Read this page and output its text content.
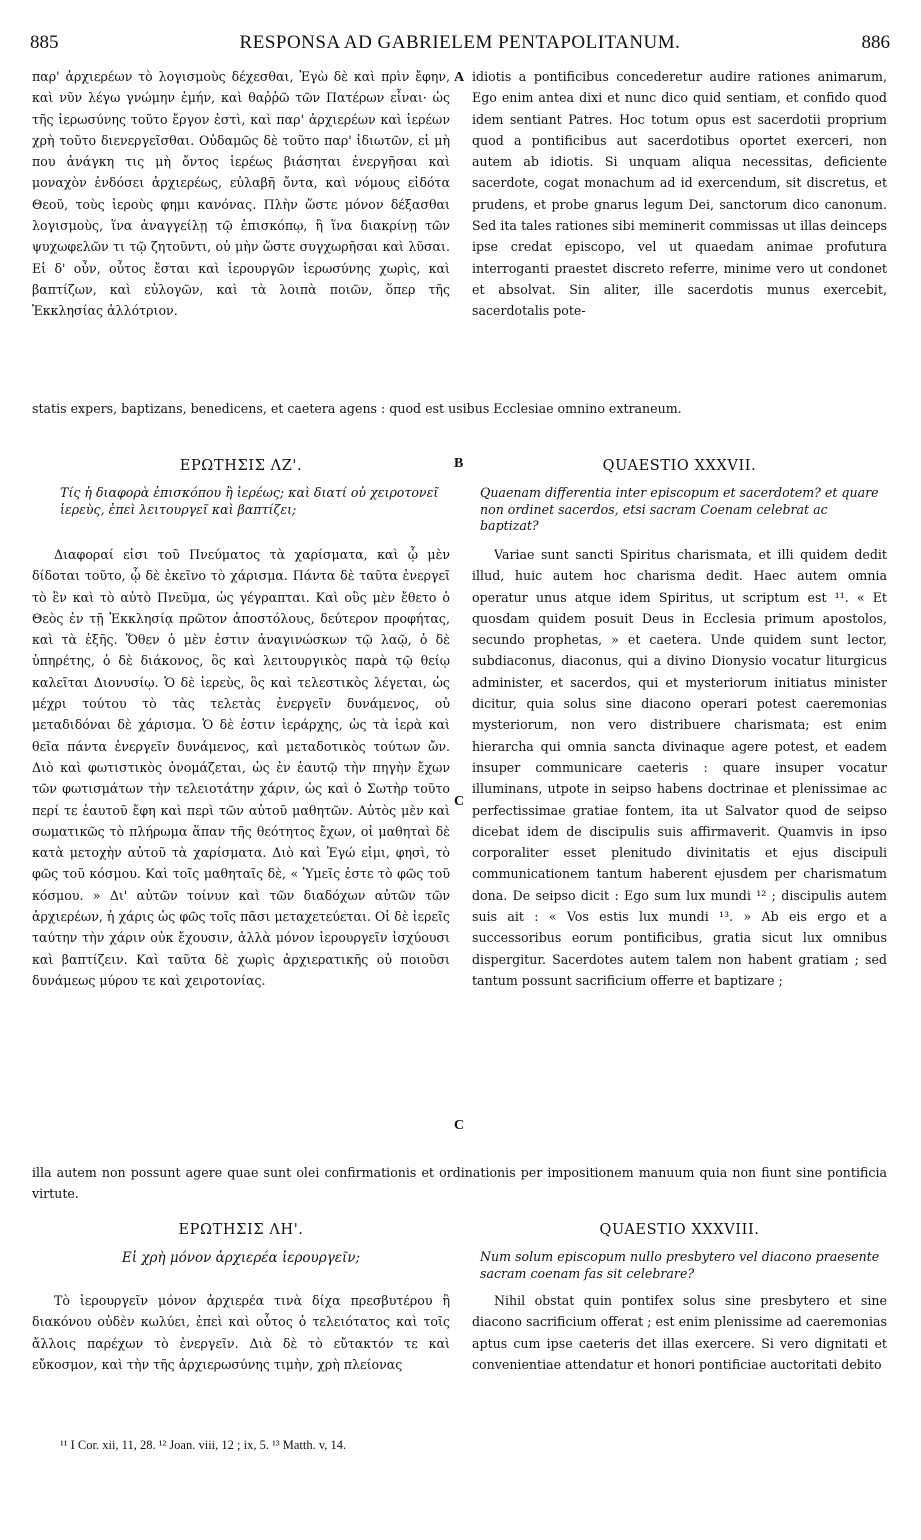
885	RESPONSA AD GABRIELEM PENTAPOLITANUM.	886

παρ' ἀρχιερέων τὸ λογισμοὺς δέχεσθαι, Ἐγὼ δὲ καὶ πρὶν ἔφην, καὶ νῦν λέγω γνώμην ἐμήν, καὶ θαῤῥῶ τῶν Πατέρων εἶναι· ὡς τῆς ἱερωσύνης τοῦτο ἔργον ἐστὶ, καὶ παρ' ἀρχιερέων καὶ ἱερέων χρὴ τοῦτο διενεργεῖσθαι. Οὐδαμῶς δὲ τοῦτο παρ' ἰδιωτῶν, εἰ μὴ που ἀνάγκη τις μὴ ὄντος ἱερέως βιάσηται ἐνεργῆσαι καὶ μοναχὸν ἐνδόσει ἀρχιερέως, εὐλαβῆ ὄντα, καὶ νόμους εἰδότα Θεοῦ, τοὺς ἱεροὺς φημι κανόνας. Πλὴν ὥστε μόνον δέξασθαι λογισμοὺς, ἵνα ἀναγγείλῃ τῷ ἐπισκόπῳ, ἢ ἵνα διακρίνῃ τῶν ψυχωφελῶν τι τῷ ζητοῦντι, οὐ μὴν ὥστε συγχωρῆσαι καὶ λῦσαι. Εἰ δ' οὖν, οὗτος ἔσται καὶ ἱερουργῶν ἱερωσύνης χωρὶς, καὶ βαπτίζων, καὶ εὐλογῶν, καὶ τὰ λοιπὰ ποιῶν, ὅπερ τῆς Ἐκκλησίας ἀλλότριον.

A idiotis a pontificibus concederetur audire rationes animarum, Ego enim antea dixi et nunc dico quid sentiam, et confido quod idem sentiant Patres. Hoc totum opus est sacerdotii proprium quod a pontificibus aut sacerdotibus oportet exerceri, non autem ab idiotis. Si unquam aliqua necessitas, deficiente sacerdote, cogat monachum ad id exercendum, sit discretus, et prudens, et probe gnarus legum Dei, sanctorum dico canonum. Sed ita tales rationes sibi meminerit commissas ut illas deinceps ipse credat episcopo, vel ut quaedam animae profutura interroganti praestet discreto referre, minime vero ut condonet et absolvat. Sin aliter, ille sacerdotis munus exercebit, sacerdotalis pote-

statis expers, baptizans, benedicens, et caetera agens : quod est usibus Ecclesiae omnino extraneum.

ΕΡΩΤΗΣΙΣ ΛΖ'.	B	QUAESTIO XXXVII.
Τίς ἡ διαφορὰ ἐπισκόπου ἢ ἱερέως; καὶ διατί οὐ χειροτονεῖ ἱερεὺς, ἐπεὶ λειτουργεῖ καὶ βαπτίζει;
Quaenam differentia inter episcopum et sacerdotem? et quare non ordinet sacerdos, etsi sacram Coenam celebrat ac baptizat?

Διαφοραί εἰσι τοῦ Πνεύματος τὰ χαρίσματα, καὶ ᾧ μὲν δίδοται τοῦτο, ᾧ δὲ ἐκεῖνο τὸ χάρισμα. Πάντα δὲ ταῦτα ἐνεργεῖ τὸ ἓν καὶ τὸ αὐτὸ Πνεῦμα, ὡς γέγραπται. Καὶ οὓς μὲν ἔθετο ὁ Θεὸς ἐν τῇ Ἐκκλησίᾳ πρῶτον ἀποστόλους, δεύτερον προφήτας, καὶ τὰ ἑξῆς. Ὅθεν ὁ μὲν ἐστιν ἀναγινώσκων τῷ λαῷ, ὁ δὲ ὑπηρέτης, ὁ δὲ διάκονος, ὃς καὶ λειτουργικὸς παρὰ τῷ θείῳ καλεῖται Διονυσίῳ. Ὁ δὲ ἱερεὺς, ὃς καὶ τελεστικὸς λέγεται, ὡς μέχρι τούτου τὸ τὰς τελετὰς ἐνεργεῖν δυνάμενος, οὐ μεταδιδόναι δὲ χάρισμα. Ὁ δὲ ἐστιν ἱεράρχης, ὡς τὰ ἱερὰ καὶ θεῖα πάντα ἐνεργεῖν δυνάμενος, καὶ μεταδοτικὸς τούτων ὤν. Διὸ καὶ φωτιστικὸς ὀνομάζεται, ὡς ἐν ἑαυτῷ τὴν πηγὴν ἔχων τῶν φωτισμάτων τὴν τελειοτάτην χάριν, ὡς καὶ ὁ Σωτὴρ τοῦτο περί τε ἑαυτοῦ ἔφη καὶ περὶ τῶν αὐτοῦ μαθητῶν. Αὐτὸς μὲν καὶ σωματικῶς τὸ πλήρωμα ἅπαν τῆς θεότητος ἔχων, οἱ μαθηταὶ δὲ κατὰ μετοχὴν αὐτοῦ τὰ χαρίσματα. Διὸ καὶ Ἐγώ εἰμι, φησὶ, τὸ φῶς τοῦ κόσμου. Καὶ τοῖς μαθηταῖς δὲ, « Ὑμεῖς ἐστε τὸ φῶς τοῦ κόσμου. » Δι' αὐτῶν τοίνυν καὶ τῶν διαδόχων αὐτῶν τῶν ἀρχιερέων, ἡ χάρις ὡς φῶς τοῖς πᾶσι μεταχετεύεται. Οἱ δὲ ἱερεῖς ταύτην τὴν χάριν οὐκ ἔχουσιν, ἀλλὰ μόνον ἱερουργεῖν ἰσχύουσι καὶ βαπτίζειν. Καὶ ταῦτα δὲ χωρὶς ἀρχιερατικῆς οὐ ποιοῦσι δυνάμεως μύρου τε καὶ χειροτονίας.

C

Variae sunt sancti Spiritus charismata, et illi quidem dedit illud, huic autem hoc charisma dedit. Haec autem omnia operatur unus atque idem Spiritus, ut scriptum est ¹¹. « Et quosdam quidem posuit Deus in Ecclesia primum apostolos, secundo prophetas, » et caetera. Unde quidem sunt lector, subdiaconus, diaconus, qui a divino Dionysio vocatur liturgicus administer, et sacerdos, qui et mysteriorum initiatus minister dicitur, quia solus sine diacono operari potest caeremonias mysteriorum, non vero distribuere charismata; est enim hierarcha qui omnia sancta divinaque agere potest, et eadem insuper communicare caeteris : quare insuper vocatur illuminans, utpote in seipso habens doctrinae et plenissimae ac perfectissimae gratiae fontem, ita ut Salvator quod de seipso dicebat idem de discipulis suis affirmaverit. Quamvis in ipso corporaliter esset plenitudo divinitatis et ejus discipuli communicationem tantum haberent ejusdem per charismatum dona. De seipso dicit : Ego sum lux mundi ¹² ; discipulis autem suis ait : « Vos estis lux mundi ¹³. » Ab eis ergo et a successoribus eorum pontificibus, gratia sicut lux omnibus dispergitur. Sacerdotes autem talem non habent gratiam ; sed tantum possunt sacrificium offerre et baptizare ;

C

illa autem non possunt agere quae sunt olei confirmationis et ordinationis per impositionem manuum quia non fiunt sine pontificia virtute.

ΕΡΩΤΗΣΙΣ ΛΗ'.	QUAESTIO XXXVIII.
Εἰ χρὴ μόνον ἀρχιερέα ἱερουργεῖν;	Num solum episcopum nullo presbytero vel diacono praesente sacram coenam fas sit celebrare?

Τὸ ἱερουργεῖν μόνον ἀρχιερέα τινὰ δίχα πρεσβυτέρου ἢ διακόνου οὐδὲν κωλύει, ἐπεὶ καὶ οὗτος ὁ τελειότατος καὶ τοῖς ἄλλοις παρέχων τὸ ἐνεργεῖν. Διὰ δὲ τὸ εὔτακτόν τε καὶ εὔκοσμον, καὶ τὴν τῆς ἀρχιερωσύνης τιμὴν, χρὴ πλείονας

Nihil obstat quin pontifex solus sine presbytero et sine diacono sacrificium offerat ; est enim plenissime ad caeremonias aptus cum ipse caeteris det illas exercere. Si vero dignitati et convenientiae attendatur et honori pontificiae auctoritati debito

¹¹ I Cor. xii, 11, 28. ¹² Joan. viii, 12 ; ix, 5. ¹³ Matth. v, 14.
